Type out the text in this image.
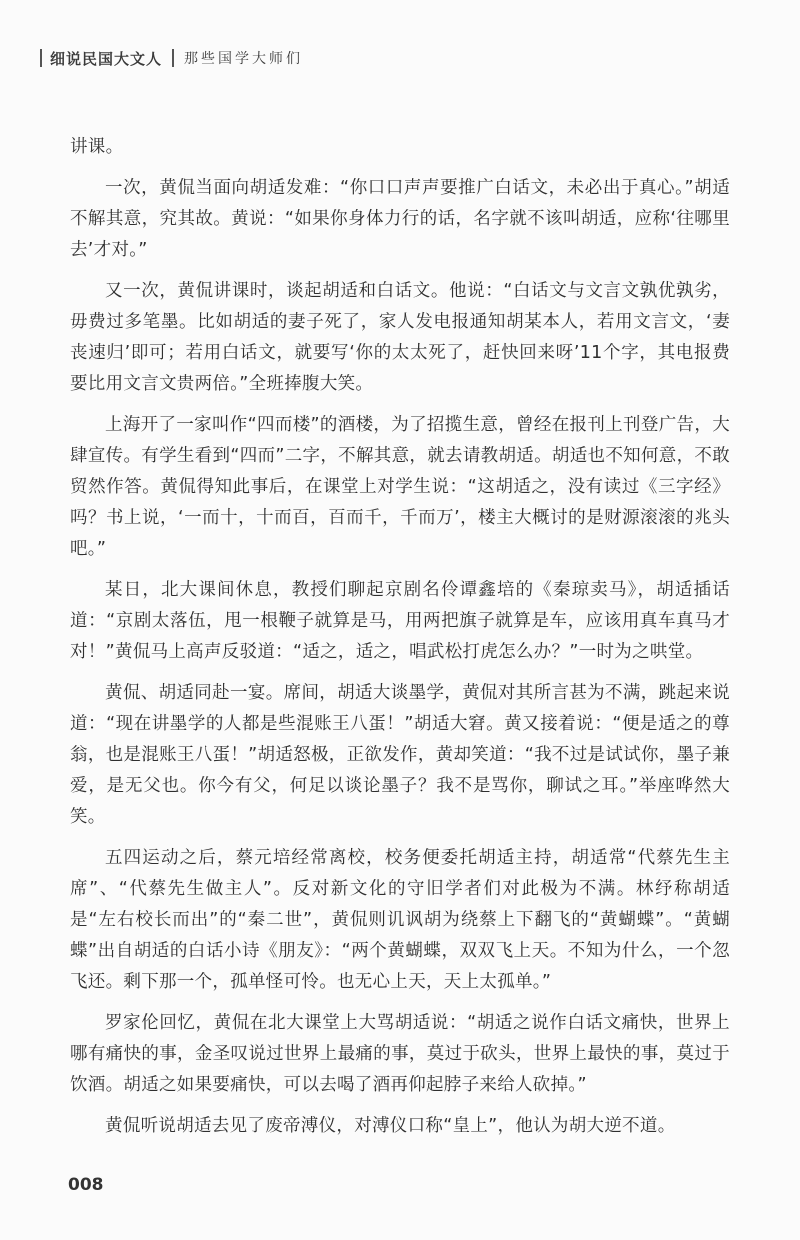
细说民国大文人 那些国学大师们

讲课。

一次，黄侃当面向胡适发难：“你口口声声要推广白话文，未必出于真心。”胡适不解其意，究其故。黄说：“如果你身体力行的话，名字就不该叫胡适，应称‘往哪里去’才对。”

又一次，黄侃讲课时，谈起胡适和白话文。他说：“白话文与文言文孰优孰劣，毋费过多笔墨。比如胡适的妻子死了，家人发电报通知胡某本人，若用文言文，‘妻丧速归’即可；若用白话文，就要写‘你的太太死了，赶快回来呀’11个字，其电报费要比用文言文贵两倍。”全班捧腹大笑。

上海开了一家叫作“四而楼”的酒楼，为了招揽生意，曾经在报刊上刊登广告，大肆宣传。有学生看到“四而”二字，不解其意，就去请教胡适。胡适也不知何意，不敢贸然作答。黄侃得知此事后，在课堂上对学生说：“这胡适之，没有读过《三字经》吗？书上说，‘一而十，十而百，百而千，千而万’，楼主大概讨的是财源滚滚的兆头吧。”

某日，北大课间休息，教授们聊起京剧名伶谭鑫培的《秦琼卖马》，胡适插话道：“京剧太落伍，甩一根鞭子就算是马，用两把旗子就算是车，应该用真车真马才对！”黄侃马上高声反驳道：“适之，适之，唱武松打虎怎么办？”一时为之哄堂。

黄侃、胡适同赴一宴。席间，胡适大谈墨学，黄侃对其所言甚为不满，跳起来说道：“现在讲墨学的人都是些混账王八蛋！”胡适大窘。黄又接着说：“便是适之的尊翁，也是混账王八蛋！”胡适怒极，正欲发作，黄却笑道：“我不过是试试你，墨子兼爱，是无父也。你今有父，何足以谈论墨子？我不是骂你，聊试之耳。”举座哗然大笑。

五四运动之后，蔡元培经常离校，校务便委托胡适主持，胡适常“代蔡先生主席”、“代蔡先生做主人”。反对新文化的守旧学者们对此极为不满。林纾称胡适是“左右校长而出”的“秦二世”，黄侃则讥讽胡为绕蔡上下翻飞的“黄蝴蝶”。“黄蝴蝶”出自胡适的白话小诗《朋友》：“两个黄蝴蝶，双双飞上天。不知为什么，一个忽飞还。剩下那一个，孤单怪可怜。也无心上天，天上太孤单。”

罗家伦回忆，黄侃在北大课堂上大骂胡适说：“胡适之说作白话文痛快，世界上哪有痛快的事，金圣叹说过世界上最痛的事，莫过于砍头，世界上最快的事，莫过于饮酒。胡适之如果要痛快，可以去喝了酒再仰起脖子来给人砍掉。”

黄侃听说胡适去见了废帝溥仪，对溥仪口称“皇上”，他认为胡大逆不道。

008
